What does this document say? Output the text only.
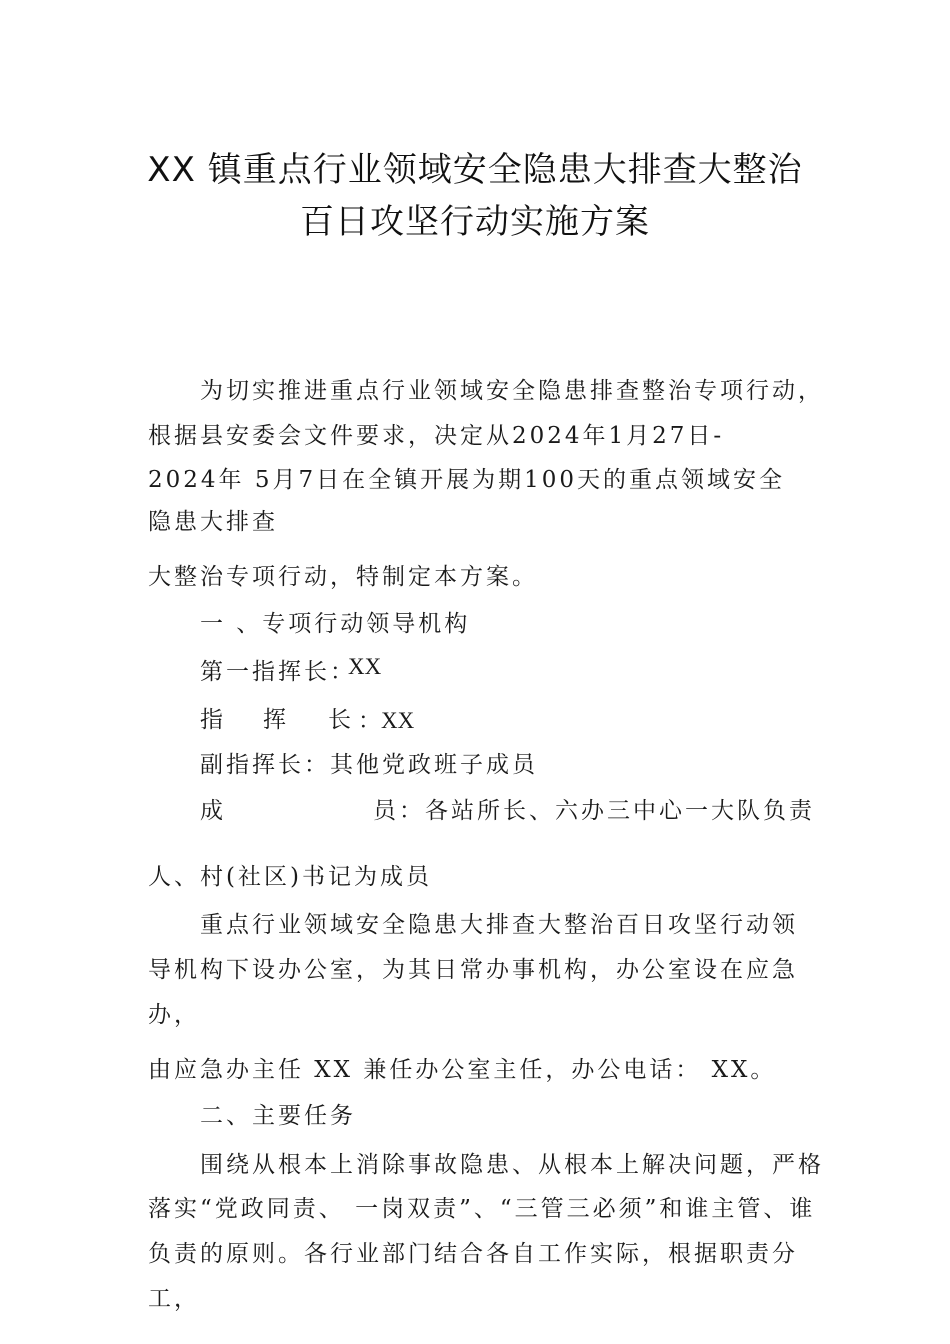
XX 镇重点行业领域安全隐患大排查大整治
百日攻坚行动实施方案
为切实推进重点行业领域安全隐患排查整治专项行动，
根据县安委会文件要求，决定从2024年1月27日-
2024年 5月7日在全镇开展为期100天的重点领域安全
隐患大排查
大整治专项行动，特制定本方案。
一 、专项行动领导机构
第一指挥长：
XX
指 挥 长 ：XX
副指挥长：其他党政班子成员
成	员：各站所长、六办三中心一大队负责
人、村(社区)书记为成员
重点行业领域安全隐患大排查大整治百日攻坚行动领
导机构下设办公室，为其日常办事机构，办公室设在应急
办，
由应急办主任 XX 兼任办公室主任，办公电话： XX。
二、主要任务
围绕从根本上消除事故隐患、从根本上解决问题，严格
落实“党政同责、 一岗双责”、“三管三必须”和谁主管、谁
负责的原则。各行业部门结合各自工作实际，根据职责分
工，
